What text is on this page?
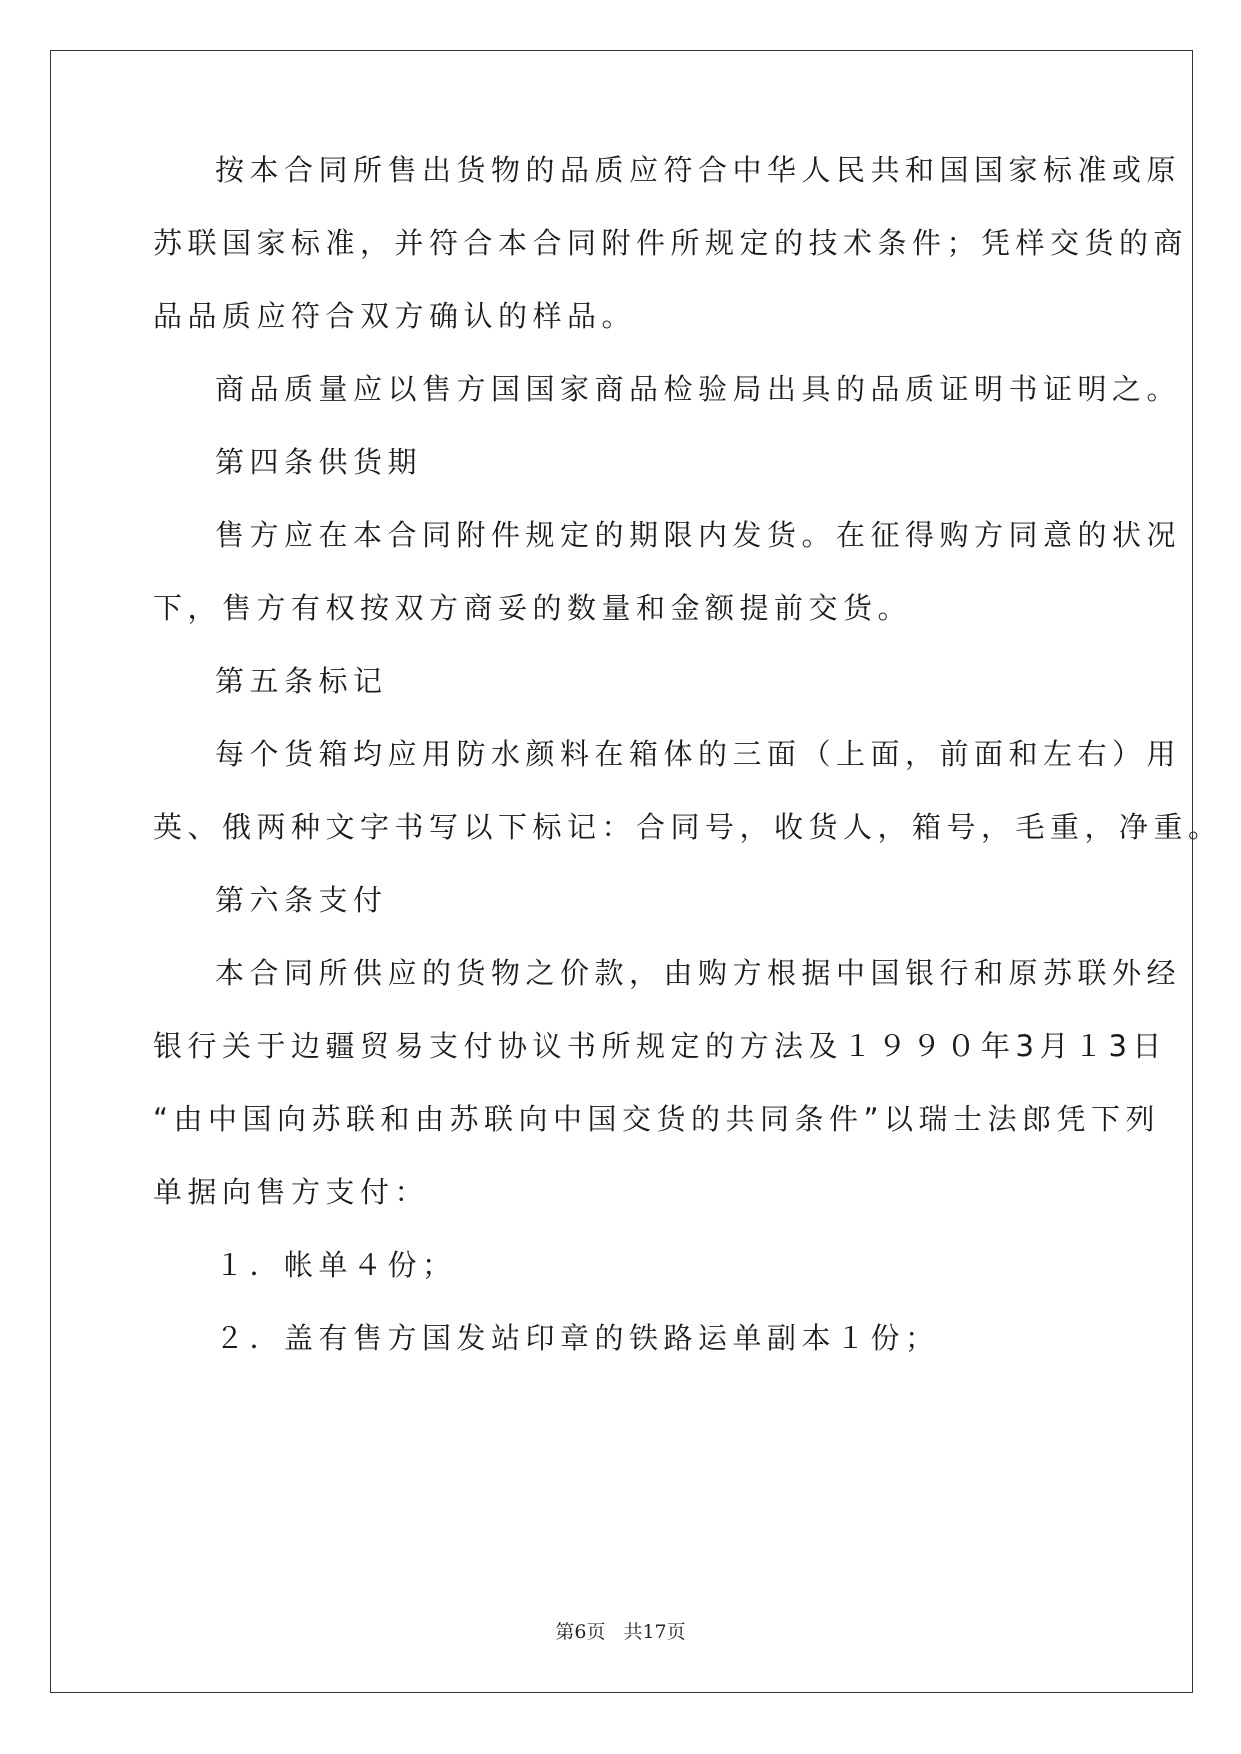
按本合同所售出货物的品质应符合中华人民共和国国家标准或原
苏联国家标准，并符合本合同附件所规定的技术条件；凭样交货的商
品品质应符合双方确认的样品。
商品质量应以售方国国家商品检验局出具的品质证明书证明之。
第四条供货期
售方应在本合同附件规定的期限内发货。在征得购方同意的状况
下，售方有权按双方商妥的数量和金额提前交货。
第五条标记
每个货箱均应用防水颜料在箱体的三面（上面，前面和左右）用
英、俄两种文字书写以下标记：合同号，收货人，箱号，毛重，净重。
第六条支付
本合同所供应的货物之价款，由购方根据中国银行和原苏联外经
银行关于边疆贸易支付协议书所规定的方法及１９９０年3月１3日
“由中国向苏联和由苏联向中国交货的共同条件”以瑞士法郎凭下列
单据向售方支付：
１．帐单４份；
２．盖有售方国发站印章的铁路运单副本１份；
第6页 共17页
